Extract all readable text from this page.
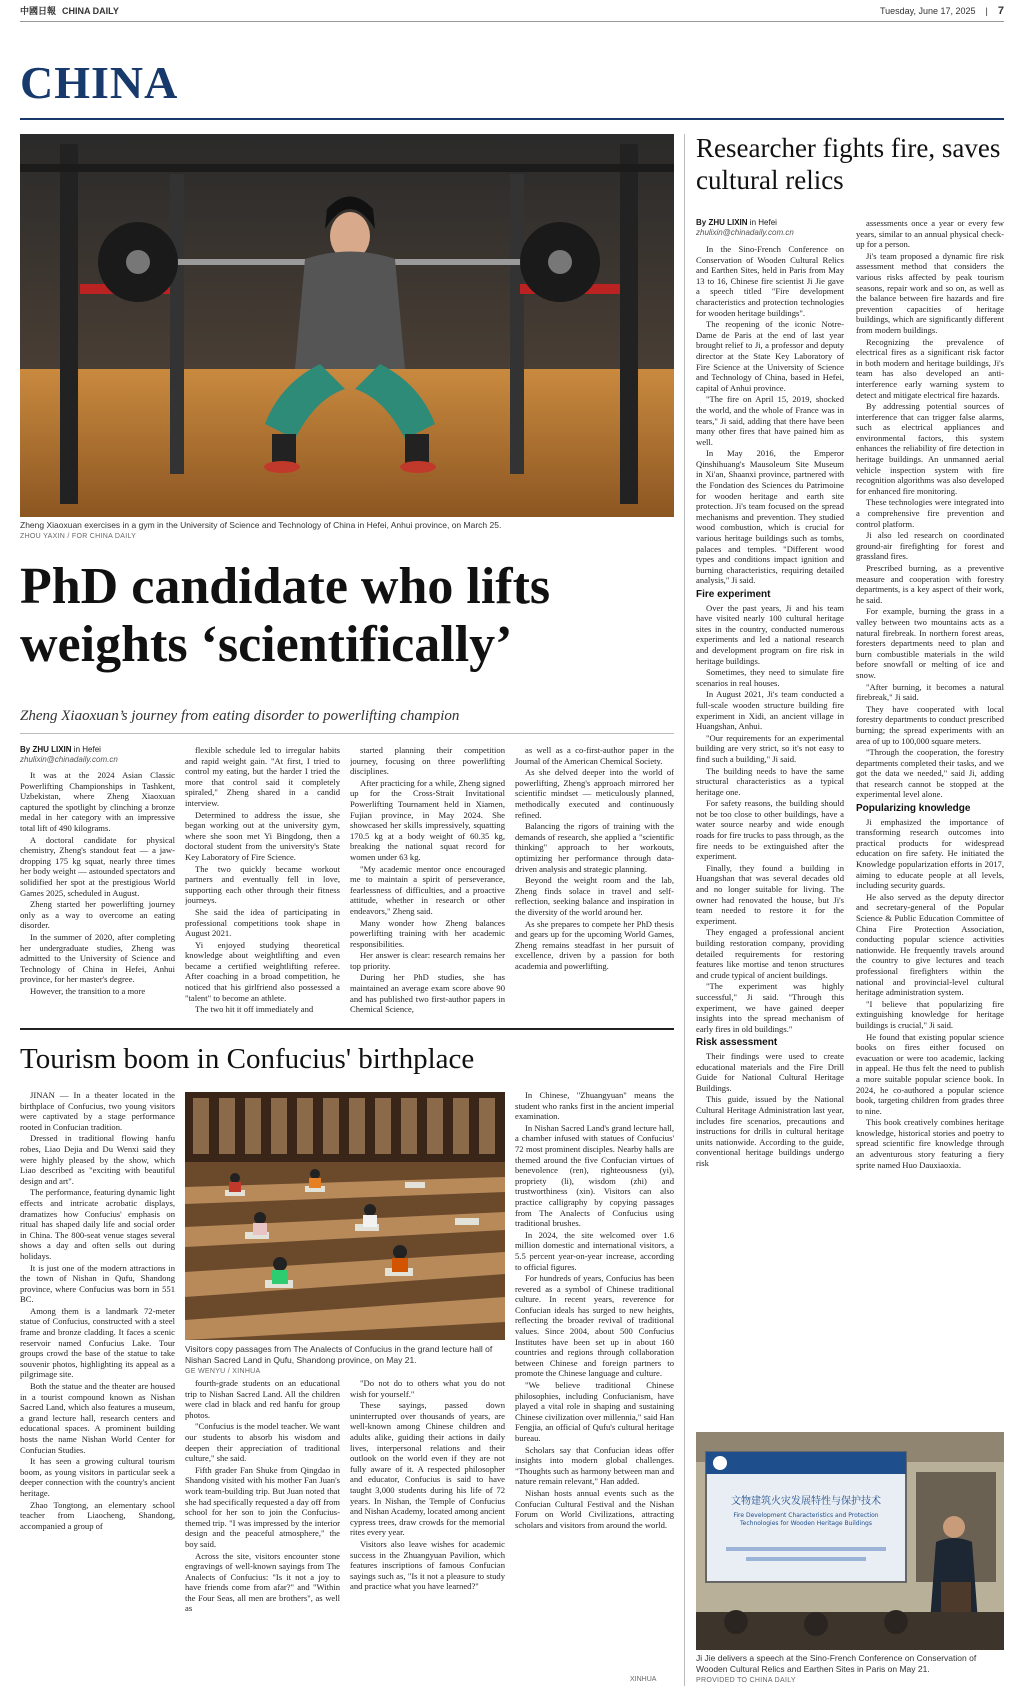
中國日報 CHINA DAILY	Tuesday, June 17, 2025 | 7
CHINA
Zheng Xiaoxuan exercises in a gym in the University of Science and Technology of China in Hefei, Anhui province, on March 25.
ZHOU YAXIN / FOR CHINA DAILY
PhD candidate who lifts weights ‘scientifically’
Zheng Xiaoxuan’s journey from eating disorder to powerlifting champion
By ZHU LIXIN in Hefei
zhulixin@chinadaily.com.cn

It was at the 2024 Asian Classic Powerlifting Championships in Tashkent, Uzbekistan, where Zheng Xiaoxuan captured the spotlight by clinching a bronze medal in her category with an impressive total lift of 490 kilograms.

A doctoral candidate for physical chemistry, Zheng's standout feat — a jaw-dropping 175 kg squat, nearly three times her body weight — astounded spectators and solidified her spot at the prestigious World Games 2025, scheduled in August.

Zheng started her powerlifting journey only as a way to overcome an eating disorder.

In the summer of 2020, after completing her undergraduate studies, Zheng was admitted to the University of Science and Technology of China in Hefei, Anhui province, for her master's degree.

However, the transition to a more

flexible schedule led to irregular habits and rapid weight gain. "At first, I tried to control my eating, but the harder I tried the more that control said it completely spiraled," Zheng shared in a candid interview.

Determined to address the issue, she began working out at the university gym, where she soon met Yi Bingdong, then a doctoral student from the university's State Key Laboratory of Fire Science.

The two quickly became workout partners and eventually fell in love, supporting each other through their fitness journeys.

She said the idea of participating in professional competitions took shape in August 2021.

Yi enjoyed studying theoretical knowledge about weightlifting and even became a certified weightlifting referee. After coaching in a broad competition, he noticed that his girlfriend also possessed a "talent" to become an athlete.

The two hit it off immediately and

started planning their competition journey, focusing on three powerlifting disciplines.

After practicing for a while, Zheng signed up for the Cross-Strait Invitational Powerlifting Tournament held in Xiamen, Fujian province, in May 2024. She showcased her skills impressively, squatting 170.5 kg at a body weight of 60.35 kg, breaking the national squat record for women under 63 kg.

"My academic mentor once encouraged me to maintain a spirit of perseverance, fearlessness of difficulties, and a proactive attitude, whether in research or other endeavors," Zheng said.

Many wonder how Zheng balances powerlifting training with her academic responsibilities.

Her answer is clear: research remains her top priority.

During her PhD studies, she has maintained an average exam score above 90 and has published two first-author papers in Chemical Science,

as well as a co-first-author paper in the Journal of the American Chemical Society.

As she delved deeper into the world of powerlifting, Zheng's approach mirrored her scientific mindset — meticulously planned, methodically executed and continuously refined.

Balancing the rigors of training with the demands of research, she applied a "scientific thinking" approach to her workouts, optimizing her performance through data-driven analysis and strategic planning.

Beyond the weight room and the lab, Zheng finds solace in travel and self-reflection, seeking balance and inspiration in the diversity of the world around her.

As she prepares to compete her PhD thesis and gears up for the upcoming World Games, Zheng remains steadfast in her pursuit of excellence, driven by a passion for both academia and powerlifting.

Tourism boom in Confucius' birthplace

JINAN — In a theater located in the birthplace of Confucius, two young visitors were captivated by a stage performance rooted in Confucian tradition.

Dressed in traditional flowing hanfu robes, Liao Dejia and Du Wenxi said they were highly pleased by the show, which Liao described as "exciting with beautiful design and art".

The performance, featuring dynamic light effects and intricate acrobatic displays, dramatizes how Confucius' emphasis on ritual has shaped daily life and social order in China. The 800-seat venue stages several shows a day and often sells out during holidays.

It is just one of the modern attractions in the town of Nishan in Qufu, Shandong province, where Confucius was born in 551 BC.

Among them is a landmark 72-meter statue of Confucius, constructed with a steel frame and bronze cladding. It faces a scenic reservoir named Confucius Lake. Tour groups crowd the base of the statue to take souvenir photos, highlighting its appeal as a pilgrimage site.

Both the statue and the theater are housed in a tourist compound known as Nishan Sacred Land, which also features a museum, a grand lecture hall, research centers and educational spaces. A prominent building hosts the name Nishan World Center for Confucian Studies.

It has seen a growing cultural tourism boom, as young visitors in particular seek a deeper connection with the country's ancient heritage.

Zhao Tongtong, an elementary school teacher from Liaocheng, Shandong, accompanied a group of

Visitors copy passages from The Analects of Confucius in the grand lecture hall of Nishan Sacred Land in Qufu, Shandong province, on May 21.
GE WENYU / XINHUA

fourth-grade students on an educational trip to Nishan Sacred Land. All the children were clad in black and red hanfu for group photos.

"Confucius is the model teacher. We want our students to absorb his wisdom and deepen their appreciation of traditional culture," she said.

Fifth grader Fan Shuke from Qingdao in Shandong visited with his mother Fan Juan's work team-building trip. But Juan noted that she had specifically requested a day off from school for her son to join the Confucius-themed trip. "I was impressed by the interior design and the peaceful atmosphere," the boy said.

Across the site, visitors encounter stone engravings of well-known sayings from The Analects of Confucius: "Is it not a joy to have friends come from afar?" and "Within the Four Seas, all men are brothers", as well as

"Do not do to others what you do not wish for yourself."

These sayings, passed down uninterrupted over thousands of years, are well-known among Chinese children and adults alike, guiding their actions in daily lives, interpersonal relations and their outlook on the world even if they are not fully aware of it. A respected philosopher and educator, Confucius is said to have taught 3,000 students during his life of 72 years. In Nishan, the Temple of Confucius and Nishan Academy, located among ancient cypress trees, draw crowds for the memorial rites every year.

Visitors also leave wishes for academic success in the Zhuangyuan Pavilion, which features inscriptions of famous Confucian sayings such as, "Is it not a pleasure to study and practice what you have learned?"

In Chinese, "Zhuangyuan" means the student who ranks first in the ancient imperial examination.

In Nishan Sacred Land's grand lecture hall, a chamber infused with statues of Confucius' 72 most prominent disciples. Nearby halls are themed around the five Confucian virtues of benevolence (ren), righteousness (yi), propriety (li), wisdom (zhi) and trustworthiness (xin). Visitors can also practice calligraphy by copying passages from The Analects of Confucius using traditional brushes.

In 2024, the site welcomed over 1.6 million domestic and international visitors, a 5.5 percent year-on-year increase, according to official figures.

For hundreds of years, Confucius has been revered as a symbol of Chinese traditional culture. In recent years, reverence for Confucian ideals has surged to new heights, reflecting the broader revival of traditional values. Since 2004, about 500 Confucius Institutes have been set up in about 160 countries and regions through collaboration between Chinese and foreign partners to promote the Chinese language and culture.

"We believe traditional Chinese philosophies, including Confucianism, have played a vital role in shaping and sustaining Chinese civilization over millennia," said Han Fengjia, an official of Qufu's cultural heritage bureau.

Scholars say that Confucian ideas offer insights into modern global challenges. "Thoughts such as harmony between man and nature remain relevant," Han added.

Nishan hosts annual events such as the Confucian Cultural Festival and the Nishan Forum on World Civilizations, attracting scholars and visitors from around the world.

XINHUA
Researcher fights fire, saves cultural relics
By ZHU LIXIN in Hefei
zhulixin@chinadaily.com.cn

In the Sino-French Conference on Conservation of Wooden Cultural Relics and Earthen Sites, held in Paris from May 13 to 16, Chinese fire scientist Ji Jie gave a speech titled "Fire development characteristics and protection technologies for wooden heritage buildings".

The reopening of the iconic Notre-Dame de Paris at the end of last year brought relief to Ji, a professor and deputy director at the State Key Laboratory of Fire Science at the University of Science and Technology of China, based in Hefei, capital of Anhui province.

"The fire on April 15, 2019, shocked the world, and the whole of France was in tears," Ji said, adding that there have been many other fires that have pained him as well.

In May 2016, the Emperor Qinshihuang's Mausoleum Site Museum in Xi'an, Shaanxi province, partnered with the Fondation des Sciences du Patrimoine for wooden heritage and earth site protection. Ji's team focused on the spread mechanisms and prevention. They studied wood combustion, which is crucial for various heritage buildings such as tombs, palaces and temples. "Different wood types and conditions impact ignition and burning characteristics, requiring detailed analysis," Ji said.

Fire experiment

Over the past years, Ji and his team have visited nearly 100 cultural heritage sites in the country, conducted numerous experiments and led a national research and development program on fire risk in heritage buildings.

Sometimes, they need to simulate fire scenarios in real houses.

In August 2021, Ji's team conducted a full-scale wooden structure building fire experiment in Xidi, an ancient village in Huangshan, Anhui.

"Our requirements for an experimental building are very strict, so it's not easy to find such a building," Ji said.

The building needs to have the same structural characteristics as a typical heritage one.

For safety reasons, the building should not be too close to other buildings, have a water source nearby and wide enough roads for fire trucks to pass through, as the fire needs to be extinguished after the experiment.

Finally, they found a building in Huangshan that was several decades old and no longer suitable for living. The owner had renovated the house, but Ji's team needed to restore it for the experiment.

They engaged a professional ancient building restoration company, providing detailed requirements for restoring features like mortise and tenon structures and crude typical of ancient buildings.

"The experiment was highly successful," Ji said. "Through this experiment, we have gained deeper insights into the spread mechanism of early fires in old buildings."

Risk assessment

Their findings were used to create educational materials and the Fire Drill Guide for National Cultural Heritage Buildings.

This guide, issued by the National Cultural Heritage Administration last year, includes fire scenarios, precautions and instructions for drills in cultural heritage units nationwide. According to the guide, conventional heritage buildings undergo risk

assessments once a year or every few years, similar to an annual physical check-up for a person.

Ji's team proposed a dynamic fire risk assessment method that considers the various risks affected by peak tourism seasons, repair work and so on, as well as the balance between fire hazards and fire prevention capacities of heritage buildings, which are significantly different from modern buildings.

Recognizing the prevalence of electrical fires as a significant risk factor in both modern and heritage buildings, Ji's team has also developed an anti-interference early warning system to detect and mitigate electrical fire hazards.

By addressing potential sources of interference that can trigger false alarms, such as electrical appliances and environmental factors, this system enhances the reliability of fire detection in heritage buildings. An unmanned aerial vehicle inspection system with fire recognition algorithms was also developed for enhanced fire monitoring.

These technologies were integrated into a comprehensive fire prevention and control platform.

Ji also led research on coordinated ground-air firefighting for forest and grassland fires.

Prescribed burning, as a preventive measure and cooperation with forestry departments, is a key aspect of their work, he said.

For example, burning the grass in a valley between two mountains acts as a natural firebreak. In northern forest areas, foresters departments need to plan and burn combustible materials in the wild before snowfall or melting of ice and snow.

"After burning, it becomes a natural firebreak," Ji said.

They have cooperated with local forestry departments to conduct prescribed burning; the spread experiments with an area of up to 100,000 square meters.

"Through the cooperation, the forestry departments completed their tasks, and we got the data we needed," said Ji, adding that research cannot be stopped at the experimental level alone.

Popularizing knowledge

Ji emphasized the importance of transforming research outcomes into practical products for widespread education on fire safety. He initiated the Knowledge popularization efforts in 2017, aiming to educate people at all levels, including security guards.

He also served as the deputy director and secretary-general of the Popular Science & Public Education Committee of China Fire Protection Association, conducting popular science activities nationwide. He frequently travels around the country to give lectures and teach professional firefighters within the national and provincial-level cultural heritage administration system.

"I believe that popularizing fire extinguishing knowledge for heritage buildings is crucial," Ji said.

He found that existing popular science books on fires either focused on evacuation or were too academic, lacking in appeal. He thus felt the need to publish a more suitable popular science book. In 2024, he co-authored a popular science book, targeting children from grades three to nine.

This book creatively combines heritage knowledge, historical stories and poetry to spread scientific fire knowledge through an adventurous story featuring a fiery sprite named Huo Dauxiaoxia.

文物建筑火灾发展特性与保护技术
Fire Development Characteristics and Protection Technologies for Wooden Heritage Buildings
Ji Jie delivers a speech at the Sino-French Conference on Conservation of Wooden Cultural Relics and Earthen Sites in Paris on May 21.
PROVIDED TO CHINA DAILY
